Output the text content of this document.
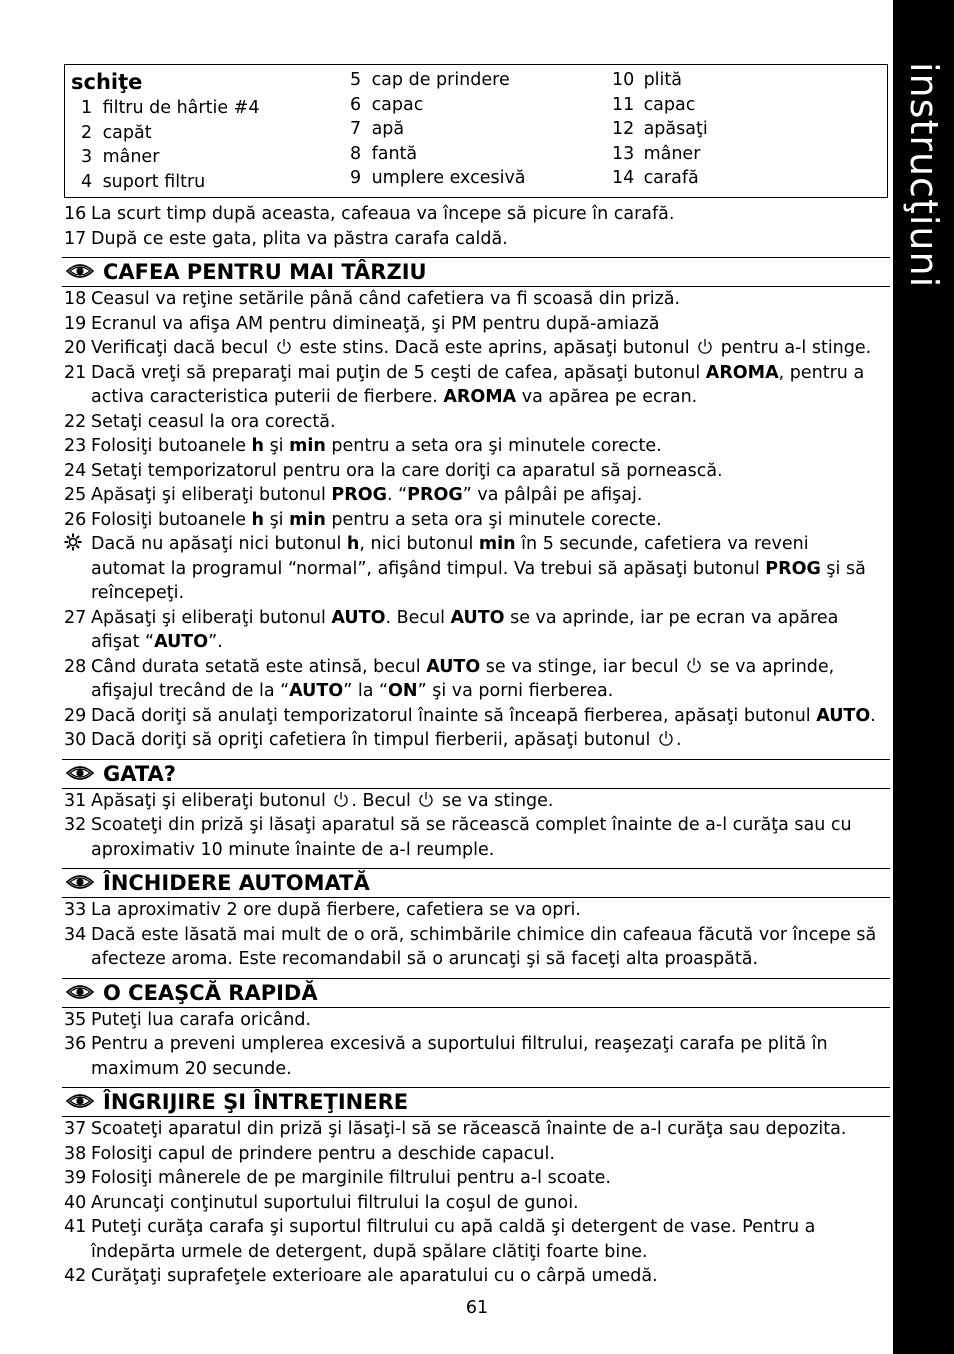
instrucţiuni
schiţe
1 filtru de hârtie #4
2 capăt
3 mâner
4 suport filtru
5 cap de prindere
6 capac
7 apă
8 fantă
9 umplere excesivă
10 plită
11 capac
12 apăsaţi
13 mâner
14 carafă
16 La scurt timp după aceasta, cafeaua va începe să picure în carafă.
17 După ce este gata, plita va păstra carafa caldă.
CAFEA PENTRU MAI TÂRZIU
18 Ceasul va reţine setările până când cafetiera va fi scoasă din priză.
19 Ecranul va afişa AM pentru dimineaţă, şi PM pentru după-amiază
20 Verificaţi dacă becul  este stins. Dacă este aprins, apăsaţi butonul  pentru a-l stinge.
21 Dacă vreţi să preparaţi mai puţin de 5 ceşti de cafea, apăsaţi butonul AROMA, pentru a activa caracteristica puterii de fierbere. AROMA va apărea pe ecran.
22 Setaţi ceasul la ora corectă.
23 Folosiţi butoanele h şi min pentru a seta ora şi minutele corecte.
24 Setaţi temporizatorul pentru ora la care doriţi ca aparatul să pornească.
25 Apăsaţi şi eliberaţi butonul PROG. “PROG” va pâlpâi pe afişaj.
26 Folosiţi butoanele h şi min pentru a seta ora şi minutele corecte.
Dacă nu apăsaţi nici butonul h, nici butonul min în 5 secunde, cafetiera va reveni automat la programul “normal”, afişând timpul. Va trebui să apăsaţi butonul PROG şi să reîncepeţi.
27 Apăsaţi şi eliberaţi butonul AUTO. Becul AUTO se va aprinde, iar pe ecran va apărea afişat “AUTO”.
28 Când durata setată este atinsă, becul AUTO se va stinge, iar becul  se va aprinde, afişajul trecând de la “AUTO” la “ON” şi va porni fierberea.
29 Dacă doriţi să anulaţi temporizatorul înainte să înceapă fierberea, apăsaţi butonul AUTO.
30 Dacă doriţi să opriţi cafetiera în timpul fierberii, apăsaţi butonul .
GATA?
31 Apăsaţi şi eliberaţi butonul . Becul  se va stinge.
32 Scoateţi din priză şi lăsaţi aparatul să se răcească complet înainte de a-l curăţa sau cu aproximativ 10 minute înainte de a-l reumple.
ÎNCHIDERE AUTOMATĂ
33 La aproximativ 2 ore după fierbere, cafetiera se va opri.
34 Dacă este lăsată mai mult de o oră, schimbările chimice din cafeaua făcută vor începe să afecteze aroma. Este recomandabil să o aruncaţi şi să faceţi alta proaspătă.
O CEAŞCĂ RAPIDĂ
35 Puteţi lua carafa oricând.
36 Pentru a preveni umplerea excesivă a suportului filtrului, reaşezaţi carafa pe plită în maximum 20 secunde.
ÎNGRIJIRE ŞI ÎNTREŢINERE
37 Scoateţi aparatul din priză şi lăsaţi-l să se răcească înainte de a-l curăţa sau depozita.
38 Folosiţi capul de prindere pentru a deschide capacul.
39 Folosiţi mânerele de pe marginile filtrului pentru a-l scoate.
40 Aruncaţi conţinutul suportului filtrului la coşul de gunoi.
41 Puteţi curăţa carafa şi suportul filtrului cu apă caldă şi detergent de vase. Pentru a îndepărta urmele de detergent, după spălare clătiţi foarte bine.
42 Curăţaţi suprafeţele exterioare ale aparatului cu o cârpă umedă.
61
